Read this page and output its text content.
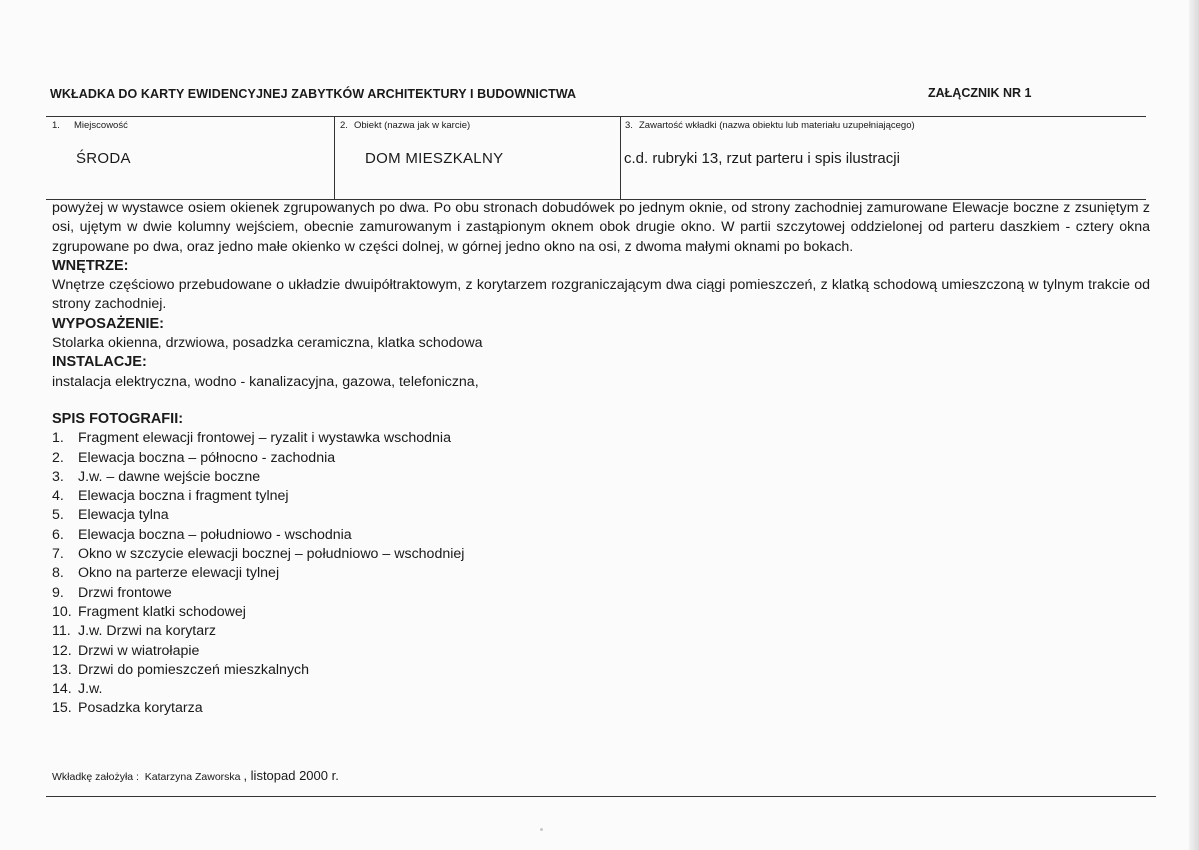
WKŁADKA DO KARTY EWIDENCYJNEJ ZABYTKÓW ARCHITEKTURY I BUDOWNICTWA	ZAŁĄCZNIK NR 1
1. Miejscowość
ŚRODA
2. Obiekt (nazwa jak w karcie)
DOM MIESZKALNY
3. Zawartość wkładki (nazwa obiektu lub materiału uzupełniającego)
c.d. rubryki 13, rzut parteru i spis ilustracji

powyżej w wystawce osiem okienek zgrupowanych po dwa. Po obu stronach dobudówek po jednym oknie, od strony zachodniej zamurowane Elewacje boczne z zsuniętym z osi, ujętym w dwie kolumny wejściem, obecnie zamurowanym i zastąpionym oknem obok drugie okno. W partii szczytowej oddzielonej od parteru daszkiem - cztery okna zgrupowane po dwa, oraz jedno małe okienko w części dolnej, w górnej jedno okno na osi, z dwoma małymi oknami po bokach.

WNĘTRZE:

Wnętrze częściowo przebudowane o układzie dwuipółtraktowym, z korytarzem rozgraniczającym dwa ciągi pomieszczeń, z klatką schodową umieszczoną w tylnym trakcie od strony zachodniej.

WYPOSAŻENIE:

Stolarka okienna, drzwiowa, posadzka ceramiczna, klatka schodowa

INSTALACJE:

instalacja elektryczna, wodno - kanalizacyjna, gazowa, telefoniczna,

SPIS FOTOGRAFII:

1. Fragment elewacji frontowej – ryzalit i wystawka wschodnia
2. Elewacja boczna – północno - zachodnia
3. J.w. – dawne wejście boczne
4. Elewacja boczna i fragment tylnej
5. Elewacja tylna
6. Elewacja boczna – południowo - wschodnia
7. Okno w szczycie elewacji bocznej – południowo – wschodniej
8. Okno na parterze elewacji tylnej
9. Drzwi frontowe
10. Fragment klatki schodowej
11. J.w. Drzwi na korytarz
12. Drzwi w wiatrołapie
13. Drzwi do pomieszczeń mieszkalnych
14. J.w.
15. Posadzka korytarza
Wkładkę założyła : Katarzyna Zaworska , listopad 2000 r.
